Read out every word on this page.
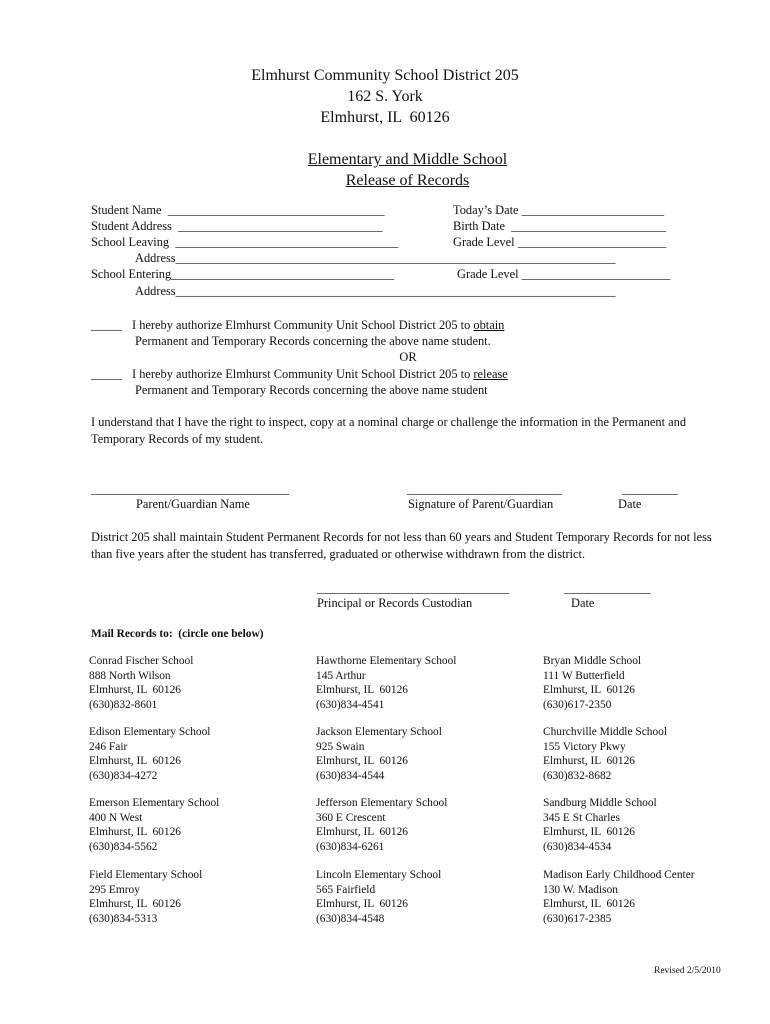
Elmhurst Community School District 205
162 S. York
Elmhurst, IL  60126
Elementary and Middle School
Release of Records
Student Name  ___________________________________	Today’s Date _______________________
Student Address  _________________________________	Birth Date  _________________________
School Leaving  ____________________________________	Grade Level ________________________
Address_______________________________________________________________________
School Entering____________________________________	Grade Level ________________________
Address_______________________________________________________________________
_____ I hereby authorize Elmhurst Community Unit School District 205 to obtain
Permanent and Temporary Records concerning the above name student.
OR
_____ I hereby authorize Elmhurst Community Unit School District 205 to release
Permanent and Temporary Records concerning the above name student
I understand that I have the right to inspect, copy at a nominal charge or challenge the information in the Permanent and Temporary Records of my student.
________________________________	_________________________	_________
Parent/Guardian Name	Signature of Parent/Guardian	Date
District 205 shall maintain Student Permanent Records for not less than 60 years and Student Temporary Records for not less than five years after the student has transferred, graduated or otherwise withdrawn from the district.
_______________________________	______________
Principal or Records Custodian	Date
Mail Records to:  (circle one below)
Conrad Fischer School
888 North Wilson
Elmhurst, IL  60126
(630)832-8601
Hawthorne Elementary School
145 Arthur
Elmhurst, IL  60126
(630)834-4541
Bryan Middle School
111 W Butterfield
Elmhurst, IL  60126
(630)617-2350
Edison Elementary School
246 Fair
Elmhurst, IL  60126
(630)834-4272
Jackson Elementary School
925 Swain
Elmhurst, IL  60126
(630)834-4544
Churchville Middle School
155 Victory Pkwy
Elmhurst, IL  60126
(630)832-8682
Emerson Elementary School
400 N West
Elmhurst, IL  60126
(630)834-5562
Jefferson Elementary School
360 E Crescent
Elmhurst, IL  60126
(630)834-6261
Sandburg Middle School
345 E St Charles
Elmhurst, IL  60126
(630)834-4534
Field Elementary School
295 Emroy
Elmhurst, IL  60126
(630)834-5313
Lincoln Elementary School
565 Fairfield
Elmhurst, IL  60126
(630)834-4548
Madison Early Childhood Center
130 W. Madison
Elmhurst, IL  60126
(630)617-2385
Revised 2/5/2010
